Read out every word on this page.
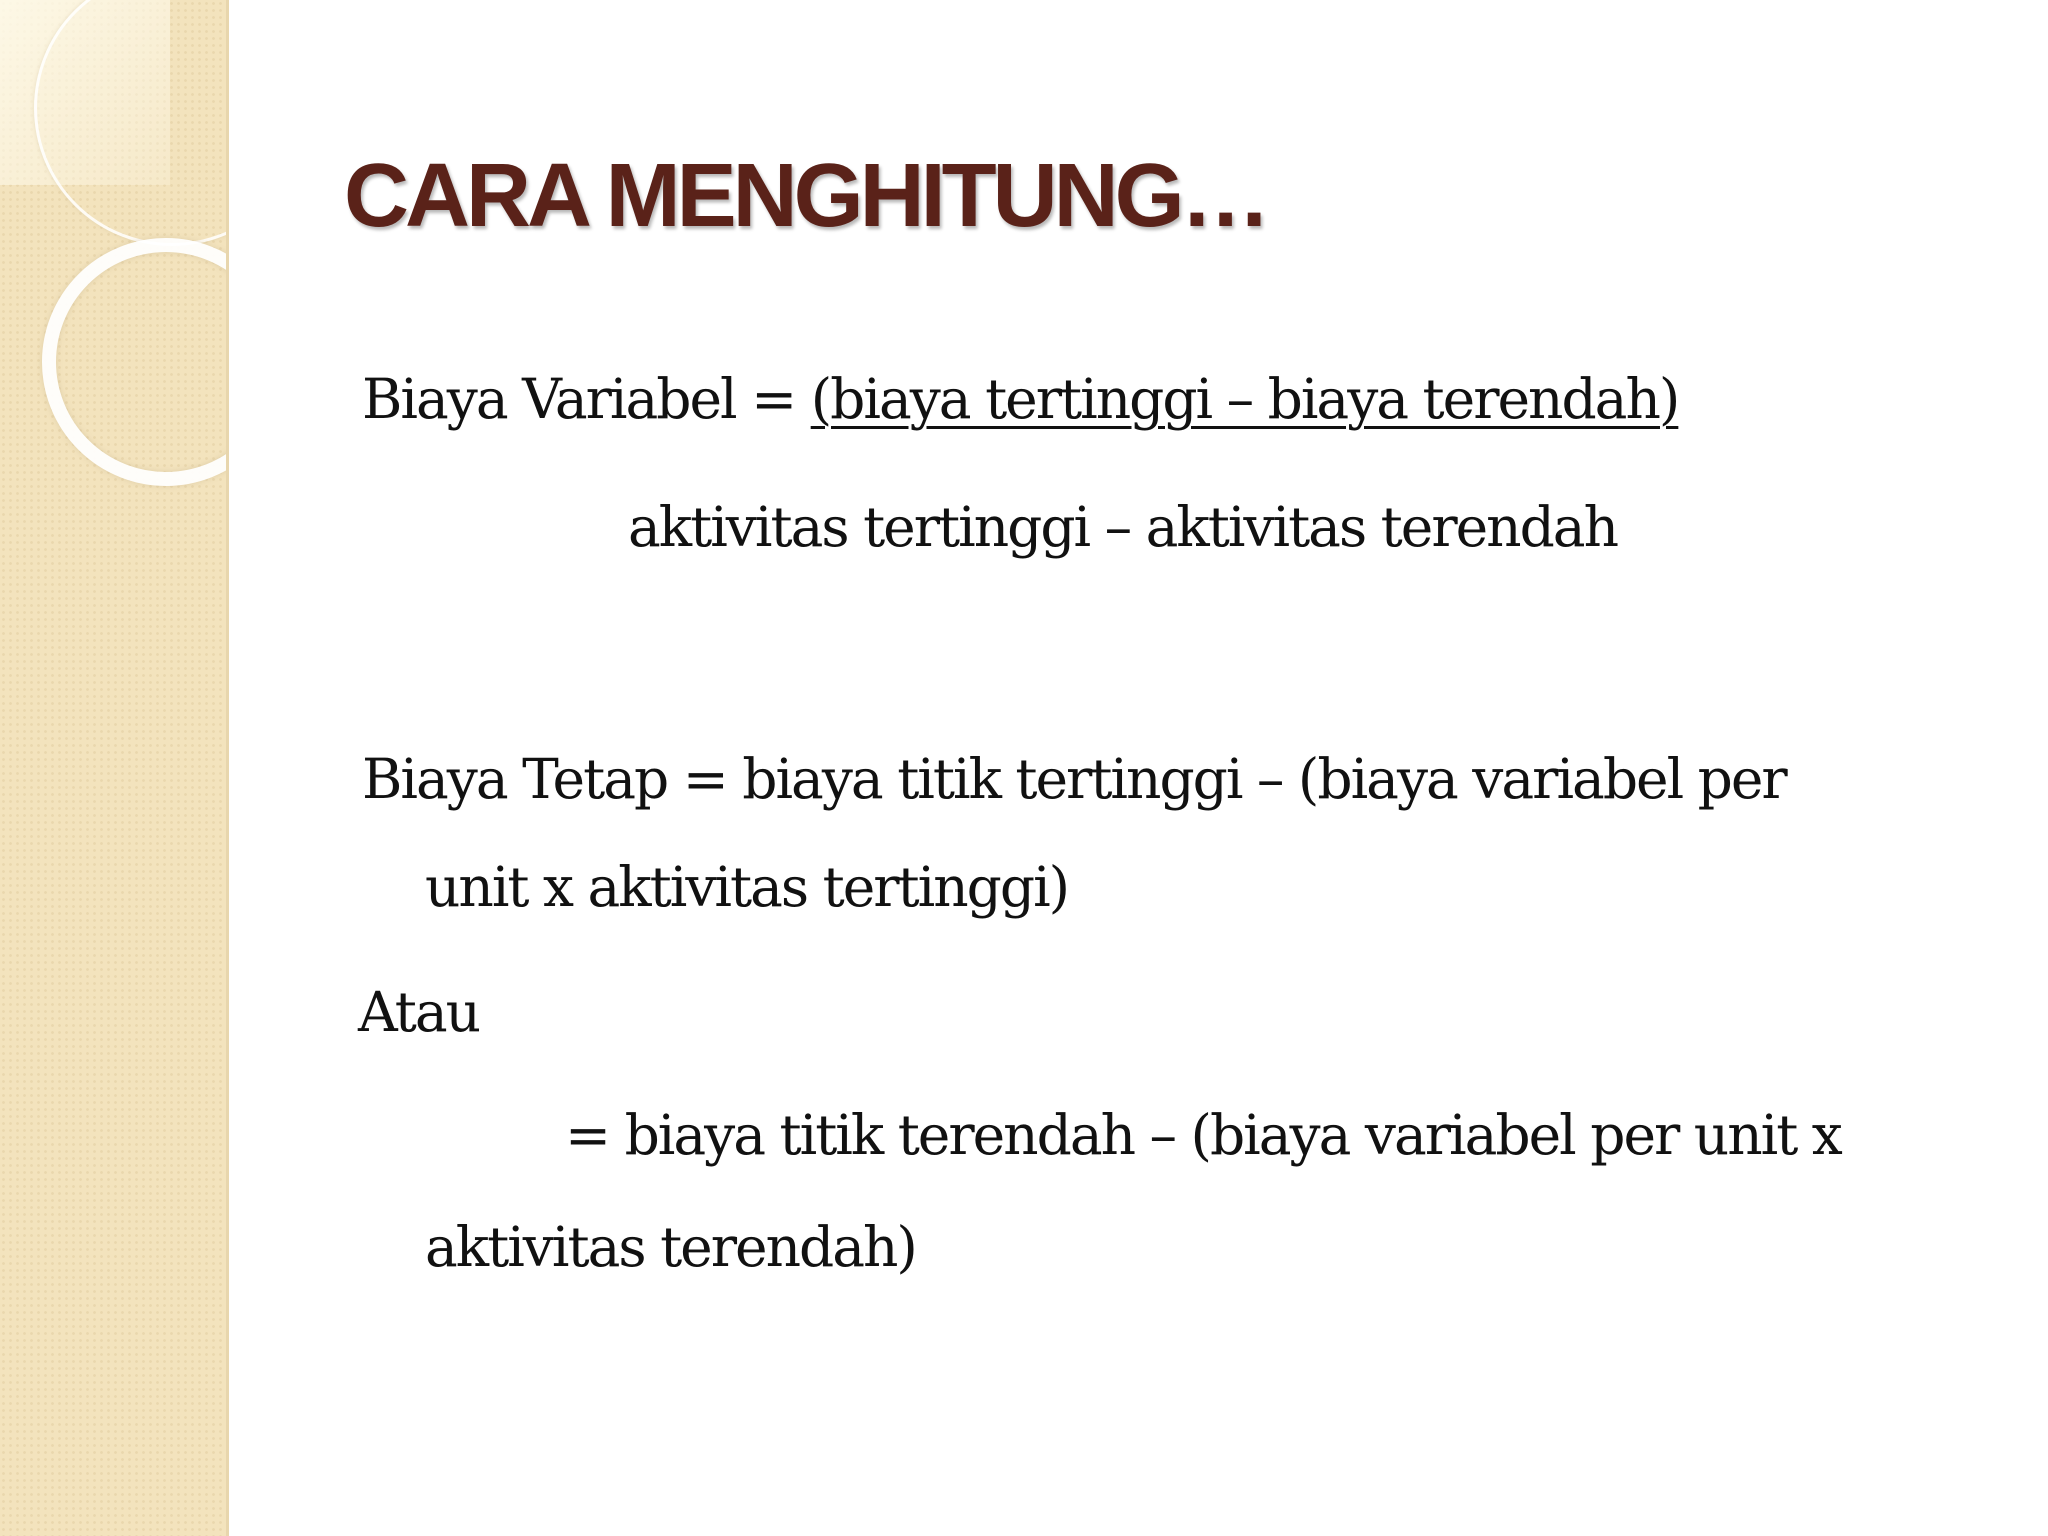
CARA MENGHITUNG…
Biaya Variabel = (biaya tertinggi – biaya terendah)
aktivitas tertinggi – aktivitas terendah
Biaya Tetap = biaya titik tertinggi – (biaya variabel per
unit x aktivitas tertinggi)
Atau
= biaya titik terendah – (biaya variabel per unit x
aktivitas terendah)
